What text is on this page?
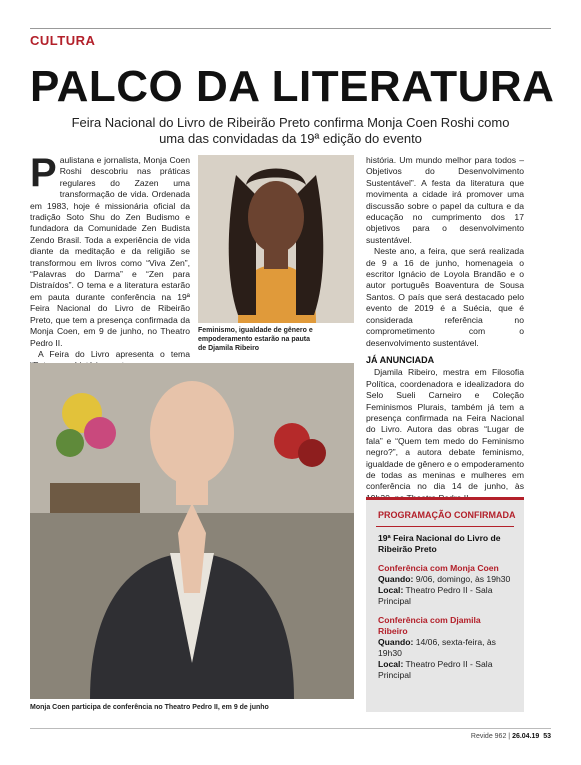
CULTURA
PALCO DA LITERATURA
Feira Nacional do Livro de Ribeirão Preto confirma Monja Coen Roshi como uma das convidadas da 19ª edição do evento
P aulistana e jornalista, Monja Coen Roshi descobriu nas práticas regulares do Zazen uma transformação de vida. Ordenada em 1983, hoje é missionária oficial da tradição Soto Shu do Zen Budismo e fundadora da Comunidade Zen Budista Zendo Brasil. Toda a experiência de vida diante da meditação e da religião se transformou em livros como “Viva Zen”, “Palavras do Darma” e “Zen para Distraídos”. O tema e a literatura estarão em pauta durante conferência na 19ª Feira Nacional do Livro de Ribeirão Preto, que tem a presença confirmada da Monja Coen, em 9 de junho, no Theatro Pedro II.

A Feira do Livro apresenta o tema

Feminismo, igualdade de gênero e empoderamento estarão na pauta de Djamila Ribeiro
Monja Coen participa de conferência no Theatro Pedro II, em 9 de junho

história. Um mundo melhor para todos – Objetivos do Desenvolvimento Sustentável”. A festa da literatura que movimenta a cidade irá promover uma discussão sobre o papel da cultura e da educação no cumprimento dos 17 objetivos para o desenvolvimento sustentável.

Neste ano, a feira, que será realizada de 9 a 16 de junho, homenageia o escritor Ignácio de Loyola Brandão e o autor português Boaventura de Sousa Santos. O país que será destacado pelo evento de 2019 é a Suécia, que é considerada referência no comprometimento com o desenvolvimento sustentável.

JÁ ANUNCIADA

Djamila Ribeiro, mestra em Filosofia Política, coordenadora e idealizadora do Selo Sueli Carneiro e Coleção Feminismos Plurais, também já tem a presença confirmada na Feira Nacional do Livro. Autora das obras “Lugar de fala” e “Quem tem medo do Feminismo negro?”, a autora debate feminismo, igualdade de gênero e o empoderamento de todas as meninas e mulheres em conferência no dia 14 de junho, às

PROGRAMAÇÃO CONFIRMADA
19ª Feira Nacional do Livro de Ribeirão Preto
Conferência com Monja Coen
Quando: 9/06, domingo, às 19h30
Local: Theatro Pedro II - Sala Principal
Conferência com Djamila Ribeiro
Quando: 14/06, sexta-feira, às 19h30
Local: Theatro Pedro II - Sala Principal
Revide 962 | 26.04.19 53
